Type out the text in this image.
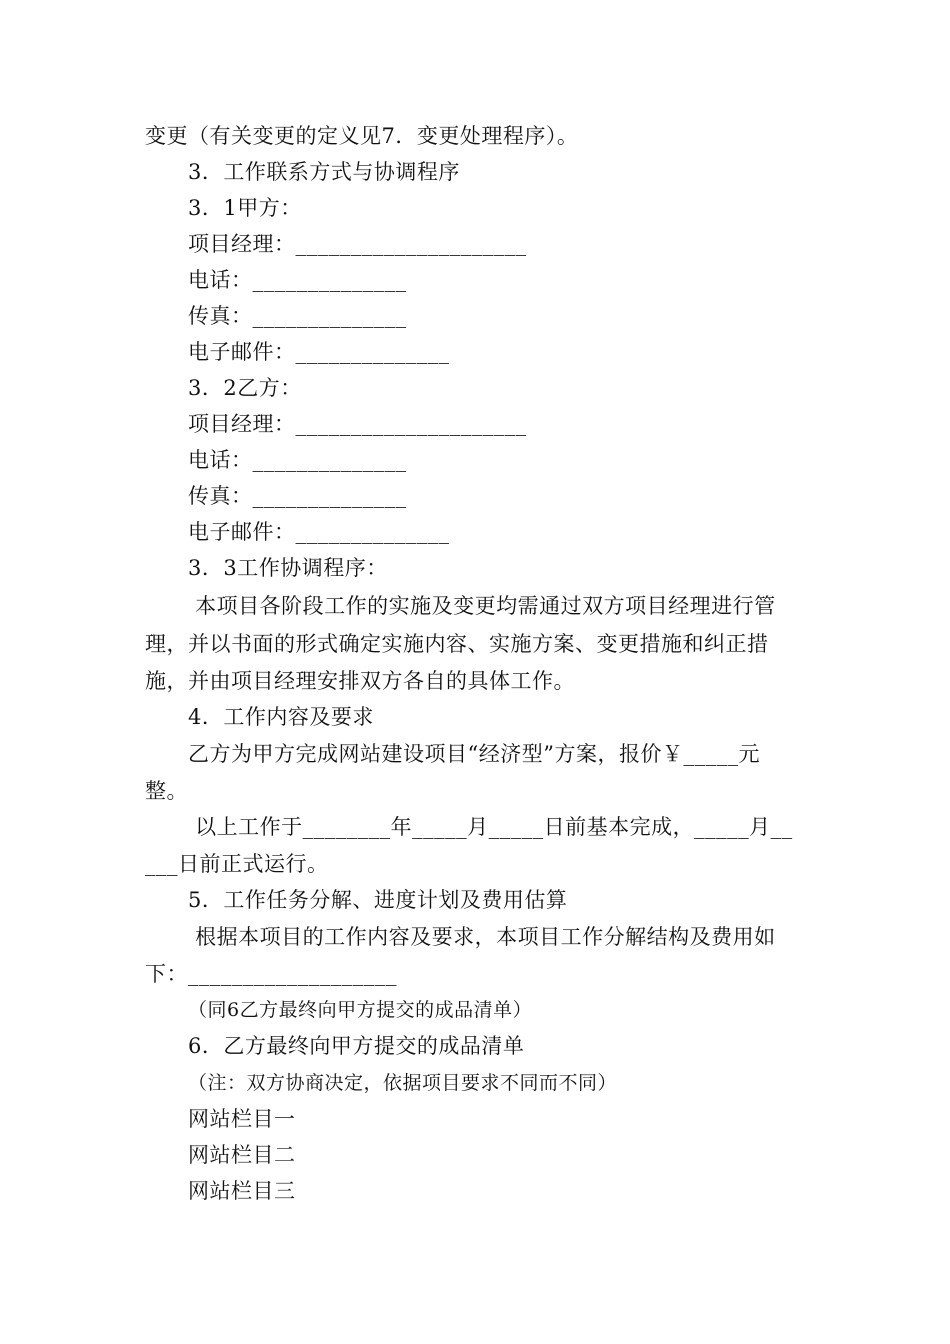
变更（有关变更的定义见7．变更处理程序）。
3．工作联系方式与协调程序
3．1甲方：
项目经理：_____________________
电话：______________
传真：______________
电子邮件：______________
3．2乙方：
项目经理：_____________________
电话：______________
传真：______________
电子邮件：______________
3．3工作协调程序：
本项目各阶段工作的实施及变更均需通过双方项目经理进行管
理，并以书面的形式确定实施内容、实施方案、变更措施和纠正措
施，并由项目经理安排双方各自的具体工作。
4．工作内容及要求
乙方为甲方完成网站建设项目“经济型”方案，报价￥_____元
整。
以上工作于________年_____月_____日前基本完成，_____月__
___日前正式运行。
5．工作任务分解、进度计划及费用估算
根据本项目的工作内容及要求，本项目工作分解结构及费用如
下：___________________
（同6乙方最终向甲方提交的成品清单）
6．乙方最终向甲方提交的成品清单
（注：双方协商决定，依据项目要求不同而不同）
网站栏目一
网站栏目二
网站栏目三
